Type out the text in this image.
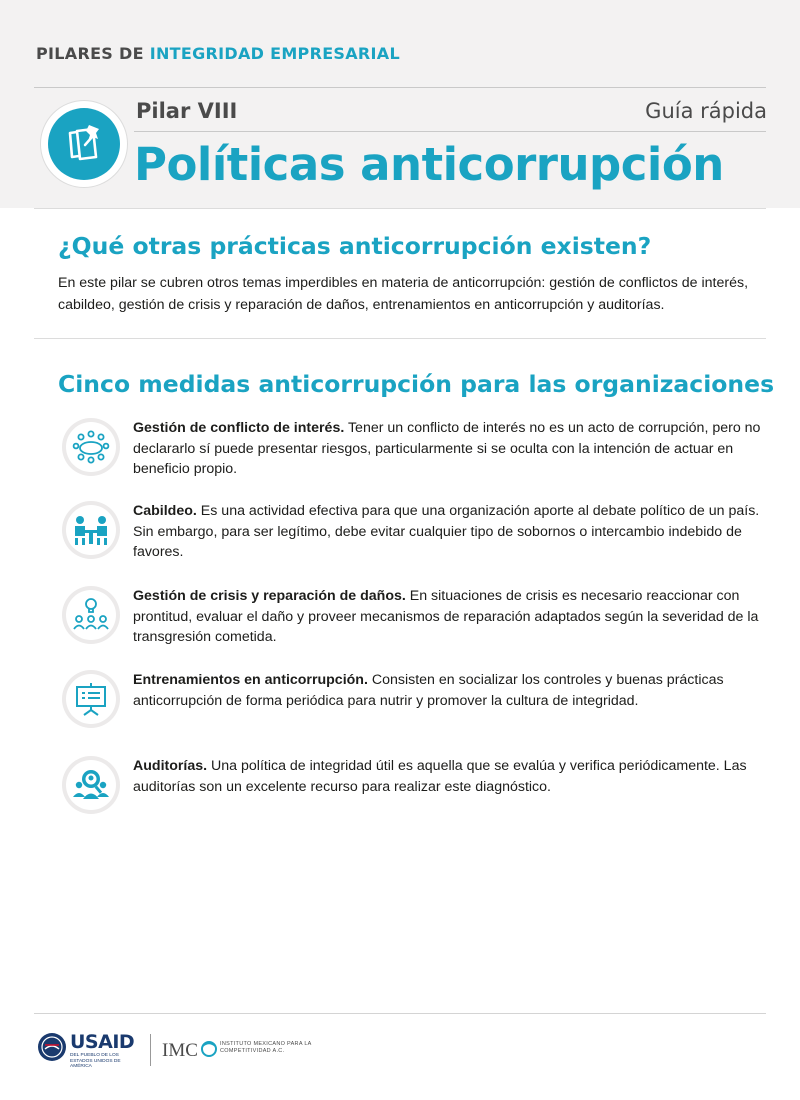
PILARES DE INTEGRIDAD EMPRESARIAL
Pilar VIII	Guía rápida
Políticas anticorrupción
¿Qué otras prácticas anticorrupción existen?

En este pilar se cubren otros temas imperdibles en materia de anticorrupción: gestión de conflictos de interés, cabildeo, gestión de crisis y reparación de daños, entrenamientos en anticorrupción y auditorías.

Cinco medidas anticorrupción para las organizaciones

Gestión de conflicto de interés. Tener un conflicto de interés no es un acto de corrupción, pero no declararlo sí puede presentar riesgos, particularmente si se oculta con la intención de actuar en beneficio propio.

Cabildeo. Es una actividad efectiva para que una organización aporte al debate político de un país. Sin embargo, para ser legítimo, debe evitar cualquier tipo de sobornos o intercambio indebido de favores.

Gestión de crisis y reparación de daños. En situaciones de crisis es necesario reaccionar con prontitud, evaluar el daño y proveer mecanismos de reparación adaptados según la severidad de la transgresión cometida.

Entrenamientos en anticorrupción. Consisten en socializar los controles y buenas prácticas anticorrupción de forma periódica para nutrir y promover la cultura de integridad.

Auditorías. Una política de integridad útil es aquella que se evalúa y verifica periódicamente. Las auditorías son un excelente recurso para realizar este diagnóstico.

USAID
DEL PUEBLO DE LOS ESTADOS UNIDOS DE AMÉRICA
IMC	INSTITUTO MEXICANO PARA LA COMPETITIVIDAD A.C.
